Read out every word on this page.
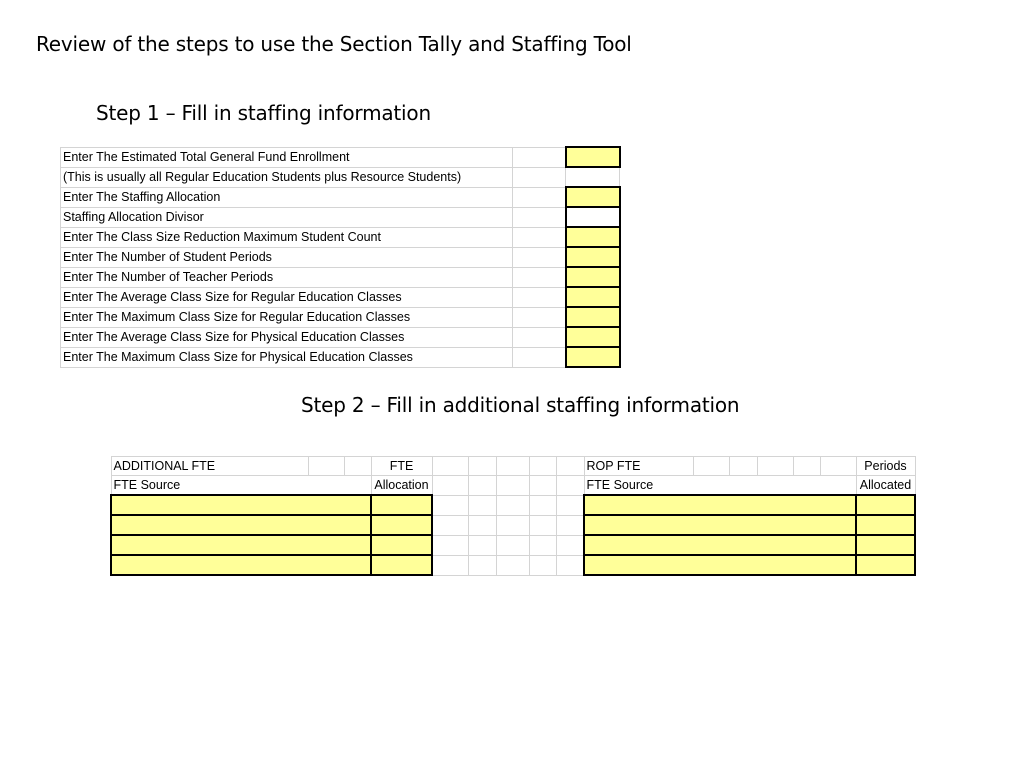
Review of the steps to use the Section Tally and Staffing Tool
Step 1 – Fill in staffing information
Enter The Estimated Total General Fund Enrollment			
(This is usually all Regular Education Students plus Resource Students)			
Enter The Staffing Allocation			
Staffing Allocation Divisor			
Enter The Class Size Reduction Maximum Student Count			
Enter The Number of Student Periods			
Enter The Number of Teacher Periods			
Enter The Average Class Size for Regular Education Classes			
Enter The Maximum Class Size for Regular Education Classes			
Enter The Average Class Size for Physical Education Classes			
Enter The Maximum Class Size for Physical Education Classes			
Step 2 – Fill in additional staffing information
ADDITIONAL FTE				FTE						ROP FTE							Periods
FTE Source				Allocation						FTE Source							Allocated
